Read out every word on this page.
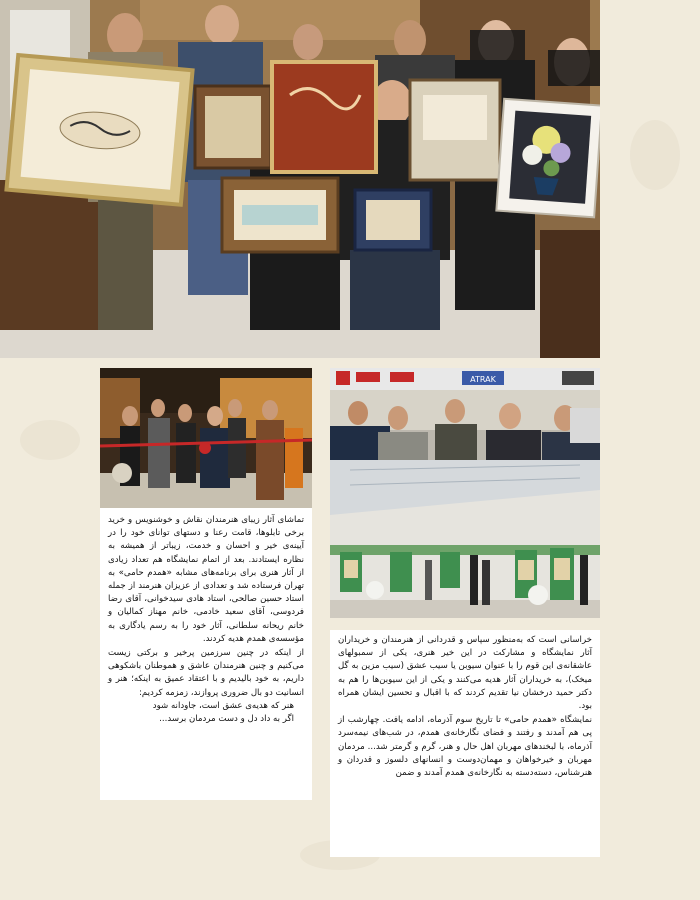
ATRAK

تماشای آثار زیبای هنرمندان نقاش و خوشنویس و خرید برخی تابلوها، قامت رعنا و دستهای توانای خود را در آیینه‌ی خیر و احسان و خدمت، زیباتر از همیشه به نظاره ایستادند. بعد از اتمام نمایشگاه هم تعداد زیادی از آثار هنری برای برنامه‌های مشابه «همدم حامی» به تهران فرستاده شد و تعدادی از عزیزان هنرمند از جمله استاد حسین صالحی، استاد هادی سیدخوانی، آقای رضا فردوسی، آقای سعید خادمی، خانم مهناز کمالیان و خانم ریحانه سلطانی، آثار خود را به رسم یادگاری به مؤسسه‌ی همدم هدیه کردند.

از اینکه در چنین سرزمین پرخیر و برکتی زیست می‌کنیم و چنین هنرمندان عاشق و هموطنان باشکوهی داریم، به خود بالیدیم و با اعتقاد عمیق به اینکه؛ هنر و انسانیت دو بال ضروری پروازند، زمزمه کردیم:

هنر که هدیه‌ی عشق است، جاودانه شود
اگر به داد دل و دست مردمان برسد...

خراسانی است که به‌منظور سپاس و قدردانی از هنرمندان و خریداران آثار نمایشگاه و مشارکت در این خیر هنری، یکی از سمبولهای عاشقانه‌ی این قوم را با عنوان سیوبن یا سیب عشق (سیب مزین به گل میخک)، به خریداران آثار هدیه می‌کنند و یکی از این سیوبن‌ها را هم به دکتر حمید درخشان نیا تقدیم کردند که با اقبال و تحسین ایشان همراه بود.

نمایشگاه «همدم حامی» تا تاریخ سوم آذرماه، ادامه یافت. چهارشب از پی هم آمدند و رفتند و فضای نگارخانه‌ی همدم، در شب‌های نیمه‌سرد آذرماه، با لبخندهای مهربان اهل حال و هنر، گرم و گرمتر شد... مردمان مهربان و خیرخواهان و مهمان‌دوست و انسانهای دلسوز و قدردان و هنرشناس، دسته‌دسته به نگارخانه‌ی همدم آمدند و ضمن
